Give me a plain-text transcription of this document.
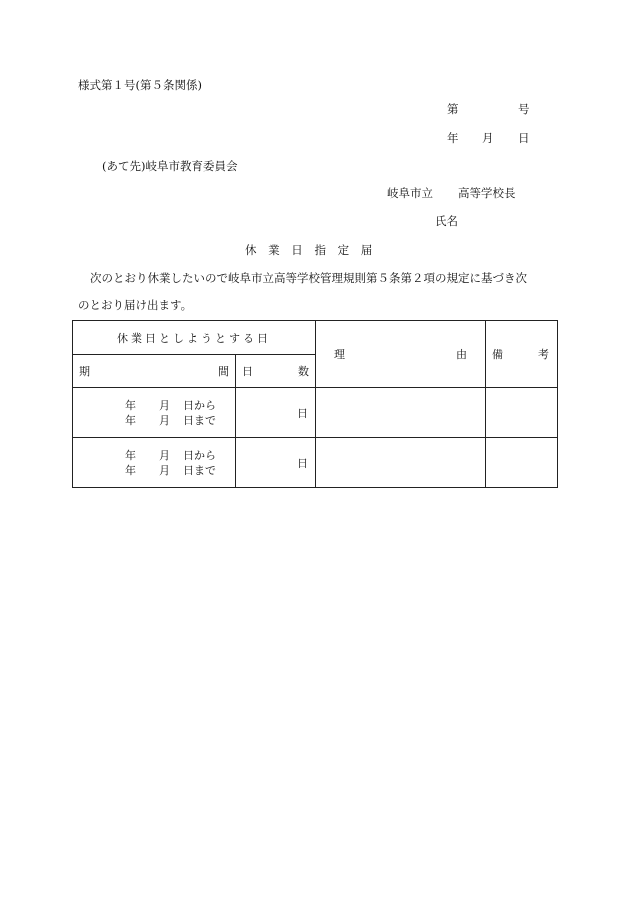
様式第１号(第５条関係)
第	号
年 月 日
(あて先)岐阜市教育委員会
岐阜市立 高等学校長
氏名
休 業 日 指 定 届
次のとおり休業したいので岐阜市立高等学校管理規則第５条第２項の規定に基づき次
のとおり届け出ます。
休業日としようとする日		理 由	備 考

期 間	日 数		

年 月 日から
年 月 日まで	日		

年 月 日から
年 月 日まで	日		
